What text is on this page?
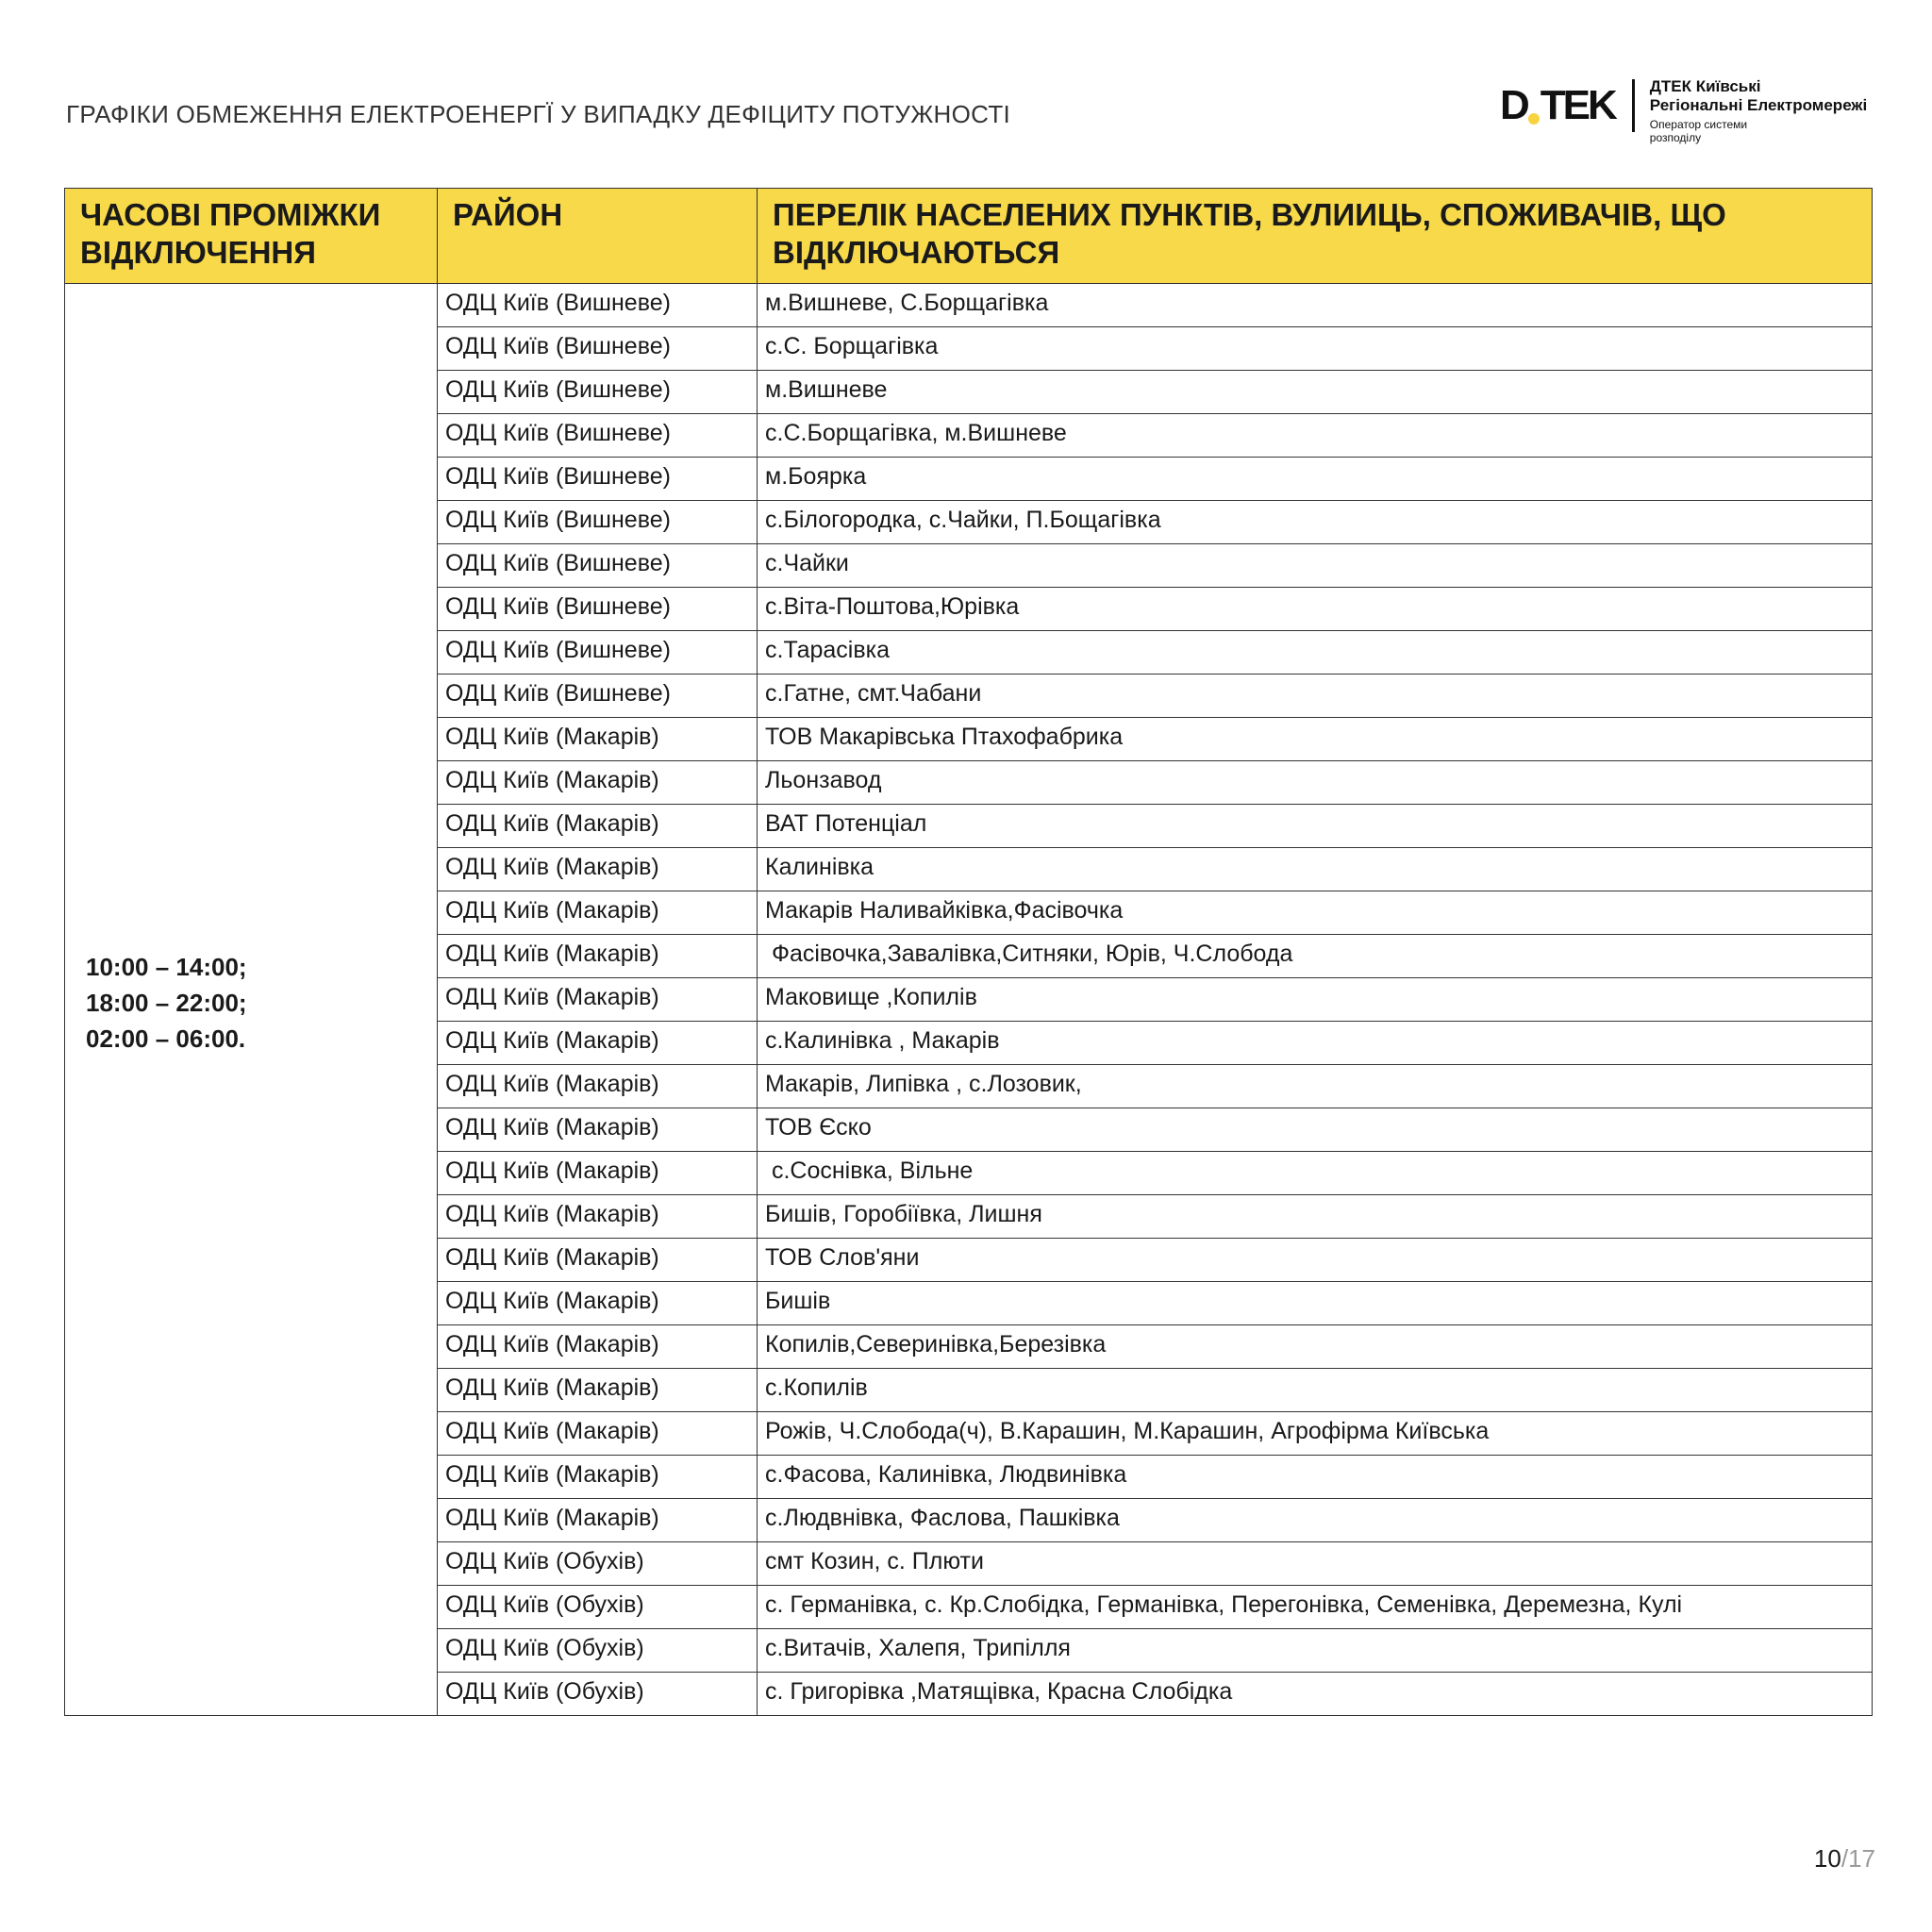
ГРАФІКИ ОБМЕЖЕННЯ ЕЛЕКТРОЕНЕРГЇ У ВИПАДКУ ДЕФІЦИТУ ПОТУЖНОСТІ	D TEK ДТЕК Київські
Регіональні Електромережі
Оператор системи
розподілу
ЧАСОВІ ПРОМІЖКИ ВІДКЛЮЧЕННЯ	РАЙОН	ПЕРЕЛІК НАСЕЛЕНИХ ПУНКТІВ, ВУЛИИЦЬ, СПОЖИВАЧІВ, ЩО ВІДКЛЮЧАЮТЬСЯ

10:00 – 14:00;
18:00 – 22:00;
02:00 – 06:00.	ОДЦ Київ (Вишневе)	м.Вишневе, С.Борщагівка
	ОДЦ Київ (Вишневе)	с.С. Борщагівка
	ОДЦ Київ (Вишневе)	м.Вишневе
	ОДЦ Київ (Вишневе)	с.С.Борщагівка, м.Вишневе
	ОДЦ Київ (Вишневе)	м.Боярка
	ОДЦ Київ (Вишневе)	с.Білогородка, с.Чайки, П.Бощагівка
	ОДЦ Київ (Вишневе)	с.Чайки
	ОДЦ Київ (Вишневе)	с.Віта-Поштова,Юрівка
	ОДЦ Київ (Вишневе)	с.Тарасівка
	ОДЦ Київ (Вишневе)	с.Гатне, смт.Чабани
	ОДЦ Київ (Макарів)	ТОВ Макарівська Птахофабрика
	ОДЦ Київ (Макарів)	Льонзавод
	ОДЦ Київ (Макарів)	ВАТ Потенціал
	ОДЦ Київ (Макарів)	Калинівка
	ОДЦ Київ (Макарів)	Макарів Наливайківка,Фасівочка
	ОДЦ Київ (Макарів)	Фасівочка,Завалівка,Ситняки, Юрів, Ч.Слобода
	ОДЦ Київ (Макарів)	Маковище ,Копилів
	ОДЦ Київ (Макарів)	с.Калинівка , Макарів
	ОДЦ Київ (Макарів)	Макарів, Липівка , с.Лозовик,
	ОДЦ Київ (Макарів)	ТОВ Єско
	ОДЦ Київ (Макарів)	с.Соснівка, Вільне
	ОДЦ Київ (Макарів)	Бишів, Горобіївка, Лишня
	ОДЦ Київ (Макарів)	ТОВ Слов'яни
	ОДЦ Київ (Макарів)	Бишів
	ОДЦ Київ (Макарів)	Копилів,Северинівка,Березівка
	ОДЦ Київ (Макарів)	с.Копилів
	ОДЦ Київ (Макарів)	Рожів, Ч.Слобода(ч), В.Карашин, М.Карашин, Агрофірма Київська
	ОДЦ Київ (Макарів)	с.Фасова, Калинівка, Людвинівка
	ОДЦ Київ (Макарів)	с.Людвнівка, Фаслова, Пашківка
	ОДЦ Київ (Обухів)	смт Козин, с. Плюти
	ОДЦ Київ (Обухів)	с. Германівка, с. Кр.Слобідка, Германівка, Перегонівка, Семенівка, Деремезна, Кулі
	ОДЦ Київ (Обухів)	с.Витачів, Халепя, Трипілля
	ОДЦ Київ (Обухів)	с. Григорівка ,Матящівка, Красна Слобідка
10/17
